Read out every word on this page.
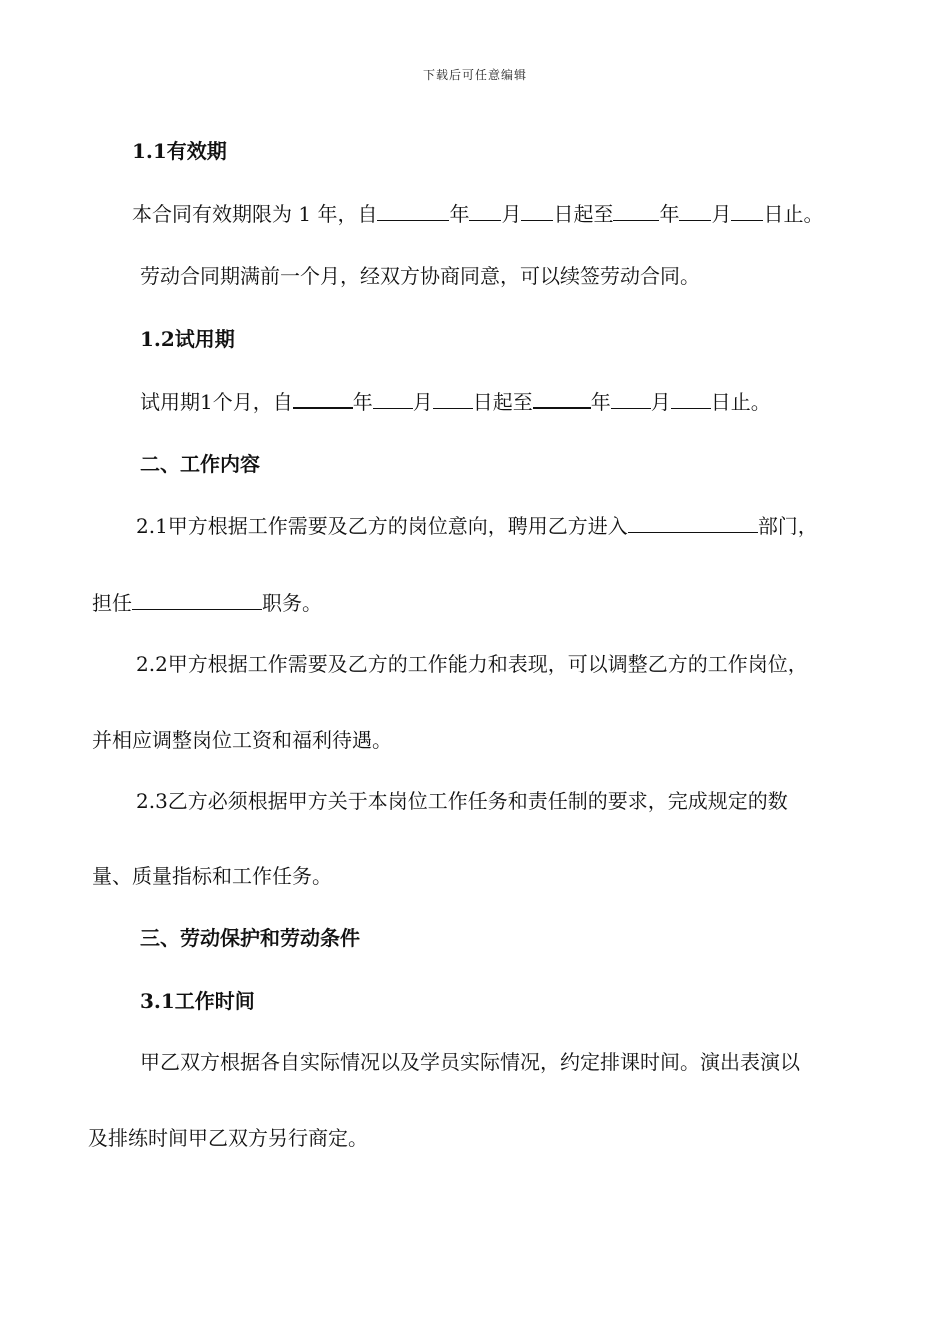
下载后可任意编辑
1.1有效期
本合同有效期限为 1 年，自	年 月 日起至 年 月 日止。
劳动合同期满前一个月，经双方协商同意，可以续签劳动合同。
1.2试用期
试用期1个月，自	年 月 日起至	年 月 日止。
二、工作内容
2.1甲方根据工作需要及乙方的岗位意向，聘用乙方进入	部门，
担任	职务。
2.2甲方根据工作需要及乙方的工作能力和表现，可以调整乙方的工作岗位，
并相应调整岗位工资和福利待遇。
2.3乙方必须根据甲方关于本岗位工作任务和责任制的要求，完成规定的数
量、质量指标和工作任务。
三、劳动保护和劳动条件
3.1工作时间
甲乙双方根据各自实际情况以及学员实际情况，约定排课时间。演出表演以
及排练时间甲乙双方另行商定。
